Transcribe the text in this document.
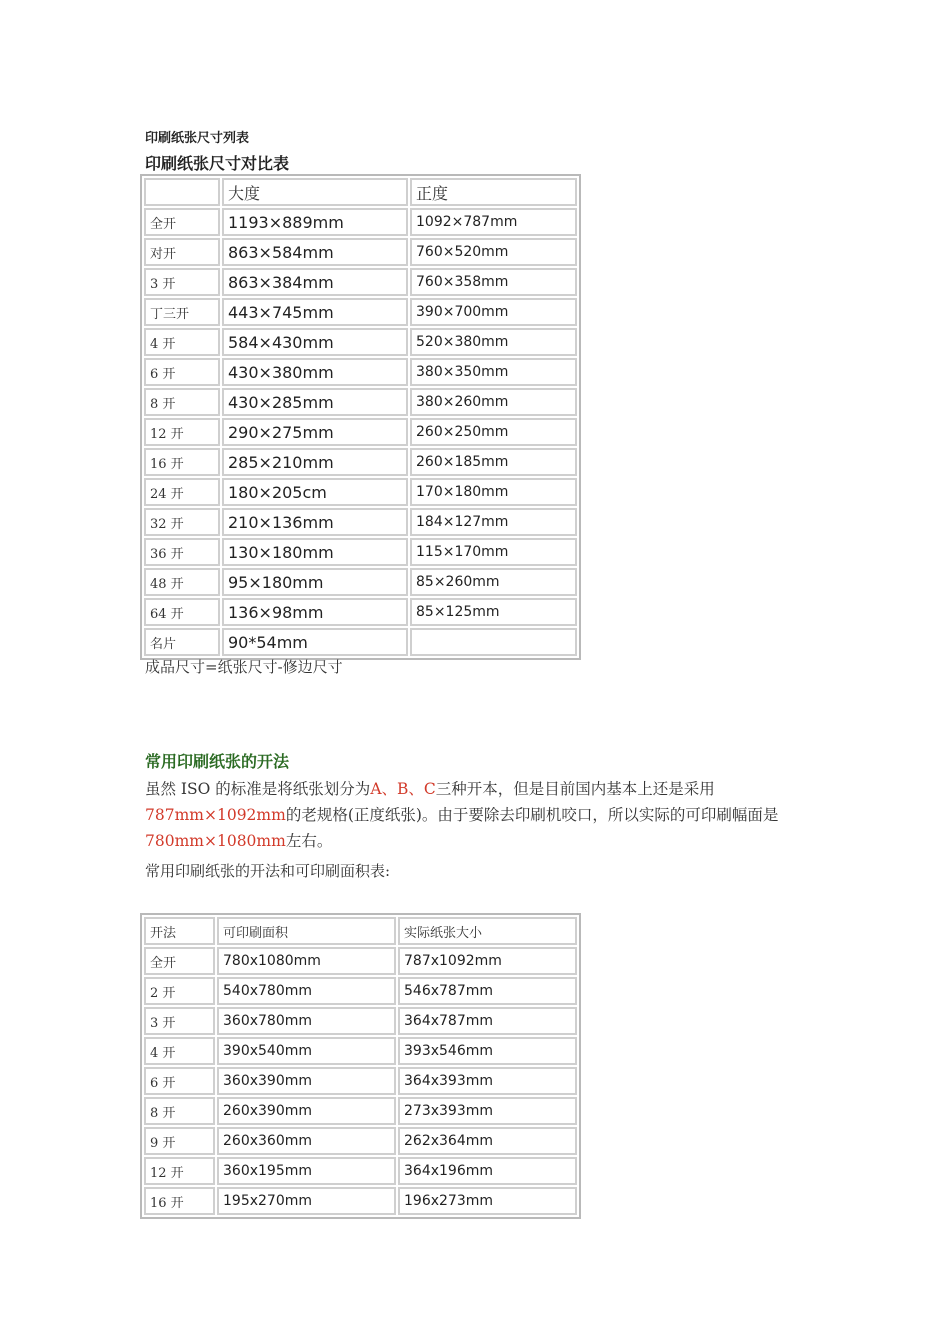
印刷纸张尺寸列表
印刷纸张尺寸对比表
	大度	正度
全开	1193×889mm	1092×787mm
对开	863×584mm	760×520mm
3 开	863×384mm	760×358mm
丁三开	443×745mm	390×700mm
4 开	584×430mm	520×380mm
6 开	430×380mm	380×350mm
8 开	430×285mm	380×260mm
12 开	290×275mm	260×250mm
16 开	285×210mm	260×185mm
24 开	180×205cm	170×180mm
32 开	210×136mm	184×127mm
36 开	130×180mm	115×170mm
48 开	95×180mm	85×260mm
64 开	136×98mm	85×125mm
名片	90*54mm	
成品尺寸=纸张尺寸-修边尺寸
常用印刷纸张的开法
虽然 ISO 的标准是将纸张划分为A、B、C三种开本，但是目前国内基本上还是采用
787mm×1092mm的老规格(正度纸张)。由于要除去印刷机咬口，所以实际的可印刷幅面是
780mm×1080mm左右。
常用印刷纸张的开法和可印刷面积表:
开法	可印刷面积	实际纸张大小
全开	780x1080mm	787x1092mm
2 开	540x780mm	546x787mm
3 开	360x780mm	364x787mm
4 开	390x540mm	393x546mm
6 开	360x390mm	364x393mm
8 开	260x390mm	273x393mm
9 开	260x360mm	262x364mm
12 开	360x195mm	364x196mm
16 开	195x270mm	196x273mm
